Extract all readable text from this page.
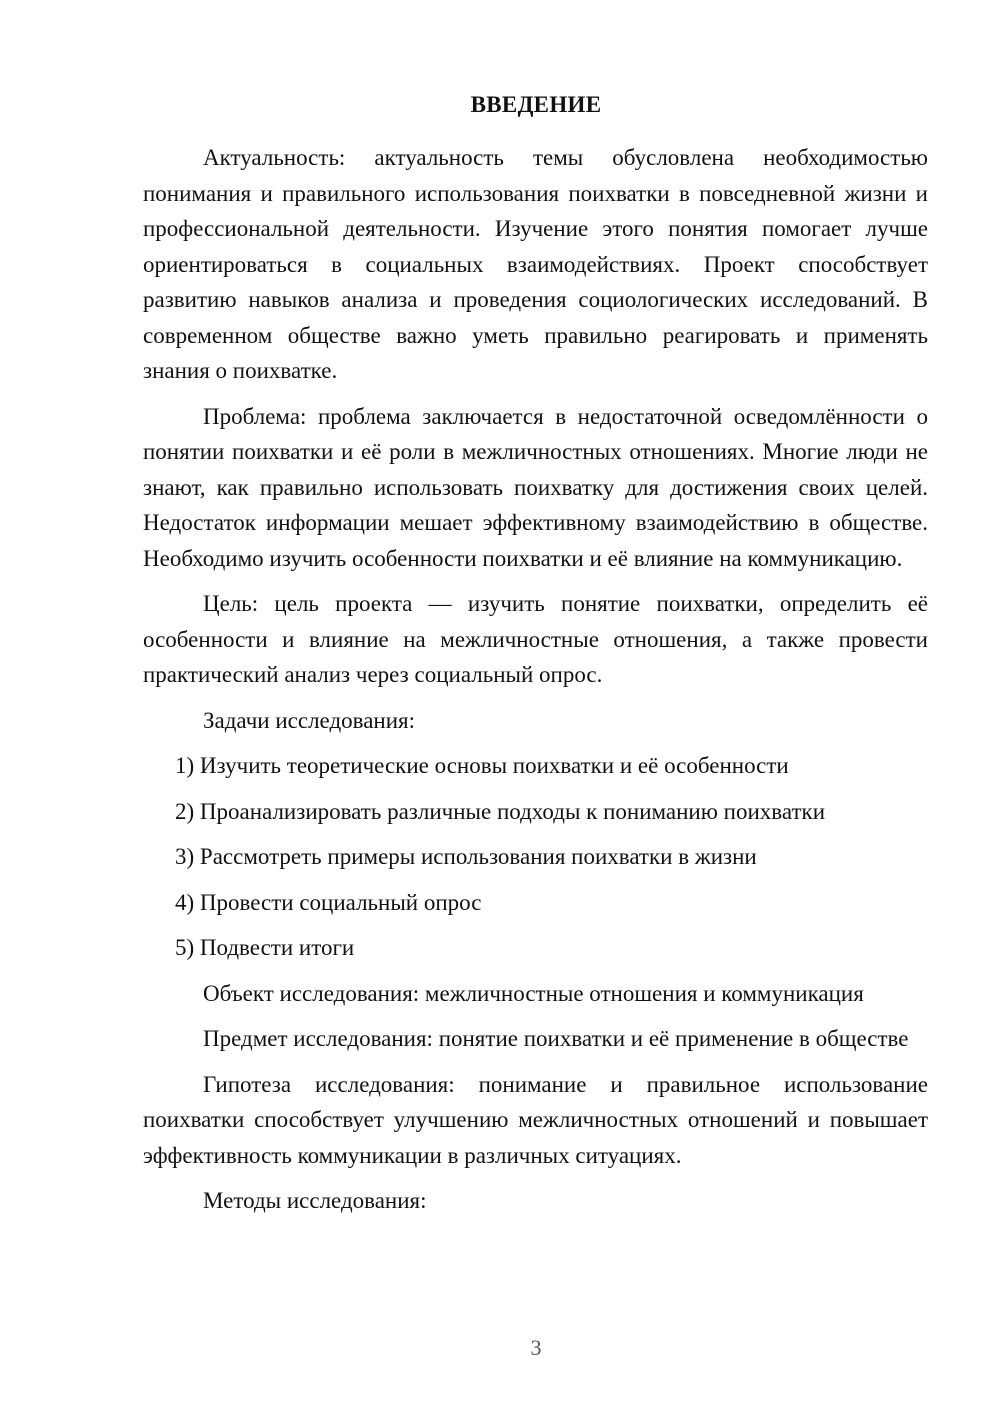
ВВЕДЕНИЕ

Актуальность: актуальность темы обусловлена необходимостью понимания и правильного использования поихватки в повседневной жизни и профессиональной деятельности. Изучение этого понятия помогает лучше ориентироваться в социальных взаимодействиях. Проект способствует развитию навыков анализа и проведения социологических исследований. В современном обществе важно уметь правильно реагировать и применять знания о поихватке.

Проблема: проблема заключается в недостаточной осведомлённости о понятии поихватки и её роли в межличностных отношениях. Многие люди не знают, как правильно использовать поихватку для достижения своих целей. Недостаток информации мешает эффективному взаимодействию в обществе. Необходимо изучить особенности поихватки и её влияние на коммуникацию.

Цель: цель проекта — изучить понятие поихватки, определить её особенности и влияние на межличностные отношения, а также провести практический анализ через социальный опрос.

Задачи исследования:

1) Изучить теоретические основы поихватки и её особенности

2) Проанализировать различные подходы к пониманию поихватки

3) Рассмотреть примеры использования поихватки в жизни

4) Провести социальный опрос

5) Подвести итоги

Объект исследования: межличностные отношения и коммуникация

Предмет исследования: понятие поихватки и её применение в обществе

Гипотеза исследования: понимание и правильное использование поихватки способствует улучшению межличностных отношений и повышает эффективность коммуникации в различных ситуациях.

Методы исследования:

3
